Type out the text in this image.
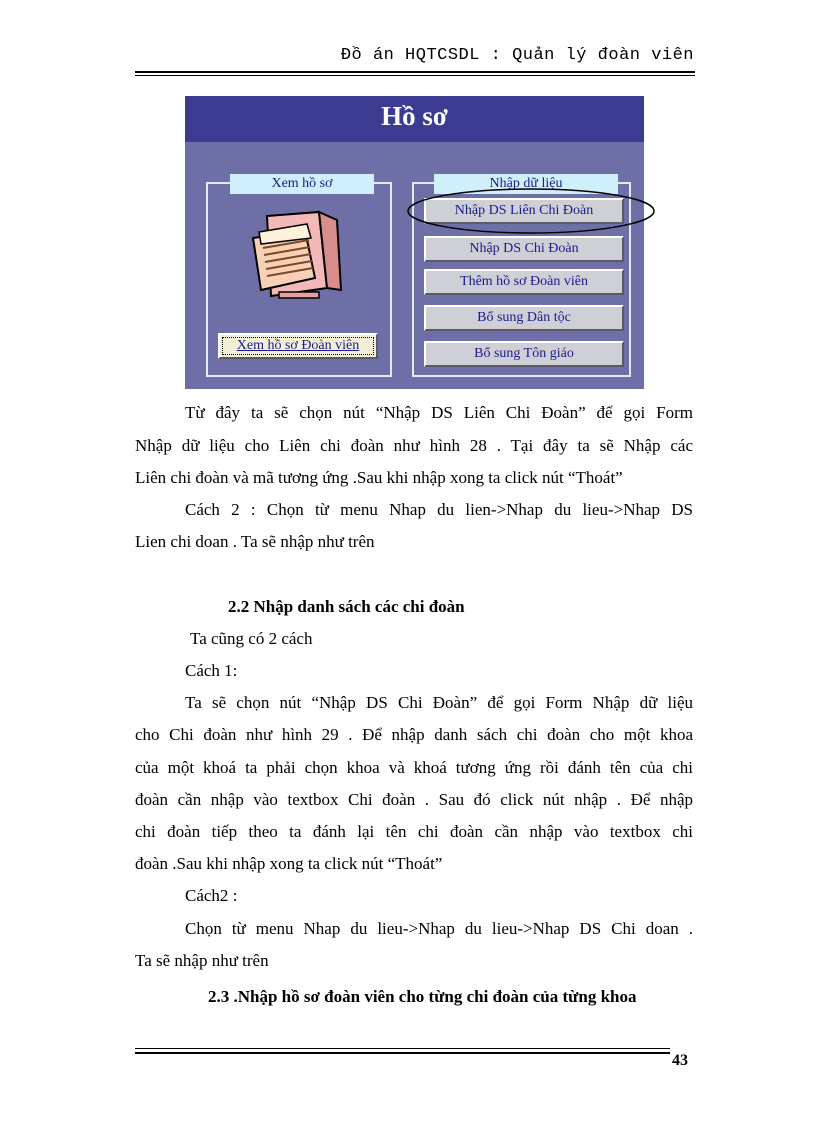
Đồ án HQTCSDL : Quản lý đoàn viên
Hồ sơ
Xem hồ sơ
Xem hồ sơ Đoàn viên
Nhập dữ liệu
Nhập DS Liên Chi Đoàn
Nhập DS Chi Đoàn
Thêm hồ sơ Đoàn viên
Bổ sung Dân tộc
Bổ sung Tôn giáo
Từ đây ta sẽ chọn nút “Nhập DS Liên Chi Đoàn” để gọi Form
Nhập dữ liệu cho Liên chi đoàn như hình 28 . Tại đây ta sẽ Nhập các
Liên chi đoàn và mã tương ứng .Sau khi nhập xong ta click nút “Thoát”
Cách 2 : Chọn từ menu Nhap du lien->Nhap du lieu->Nhap DS
Lien chi doan . Ta sẽ nhập như trên
2.2 Nhập danh sách các chi đoàn
Ta cũng có 2 cách
Cách 1:
Ta sẽ chọn nút “Nhập DS Chi Đoàn” để gọi Form Nhập dữ liệu
cho Chi đoàn như hình 29 . Để nhập danh sách chi đoàn cho một khoa
của một khoá ta phải chọn khoa và khoá tương ứng rồi đánh tên của chi
đoàn cần nhập vào textbox Chi đoàn . Sau đó click nút nhập . Để nhập
chi đoàn tiếp theo ta đánh lại tên chi đoàn cần nhập vào textbox chi
đoàn .Sau khi nhập xong ta click nút “Thoát”
Cách2 :
Chọn từ menu Nhap du lieu->Nhap du lieu->Nhap DS Chi doan .
Ta sẽ nhập như trên
2.3 .Nhập hồ sơ đoàn viên cho từng chi đoàn của từng khoa
43
